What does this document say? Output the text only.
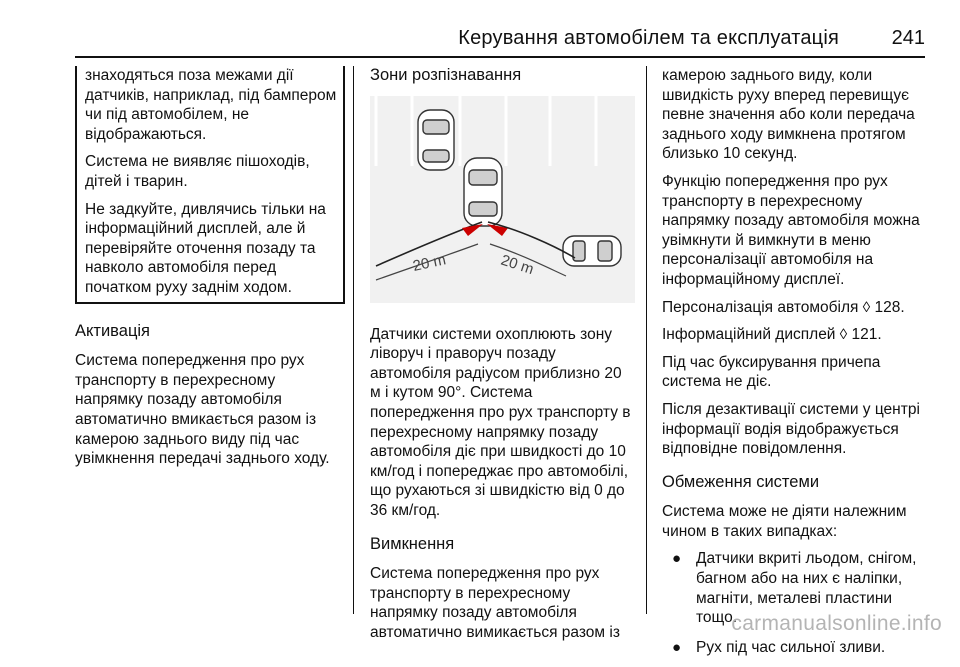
Керування автомобілем та експлуатація	241

знаходяться поза межами дії датчиків, наприклад, під бампером чи під автомобілем, не відображаються.

Система не виявляє пішоходів, дітей і тварин.

Не задкуйте, дивлячись тільки на інформаційний дисплей, але й перевіряйте оточення позаду та навколо автомобіля перед початком руху заднім ходом.

Активація

Система попередження про рух транспорту в перехресному напрямку позаду автомобіля автоматично вмикається разом із камерою заднього виду під час увімкнення передачі заднього ходу.

Зони розпізнавання
20 m	20 m

Датчики системи охоплюють зону ліворуч і праворуч позаду автомобіля радіусом приблизно 20 м і кутом 90°. Система попередження про рух транспорту в перехресному напрямку позаду автомобіля діє при швидкості до 10 км/год і попереджає про автомобілі, що рухаються зі швидкістю від 0 до 36 км/год.

Вимкнення

Система попередження про рух транспорту в перехресному напрямку позаду автомобіля автоматично вимикається разом із

камерою заднього виду, коли швидкість руху вперед перевищує певне значення або коли передача заднього ходу вимкнена протягом близько 10 секунд.

Функцію попередження про рух транспорту в перехресному напрямку позаду автомобіля можна увімкнути й вимкнути в меню персоналізації автомобіля на інформаційному дисплеї.

Персоналізація автомобіля ◊ 128.

Інформаційний дисплей ◊ 121.

Під час буксирування причепа система не діє.

Після дезактивації системи у центрі інформації водія відображується відповідне повідомлення.

Обмеження системи

Система може не діяти належним чином в таких випадках:

● Датчики вкриті льодом, снігом, багном або на них є наліпки, магніти, металеві пластини тощо.
● Рух під час сильної зливи.
carmanualsonline.info
